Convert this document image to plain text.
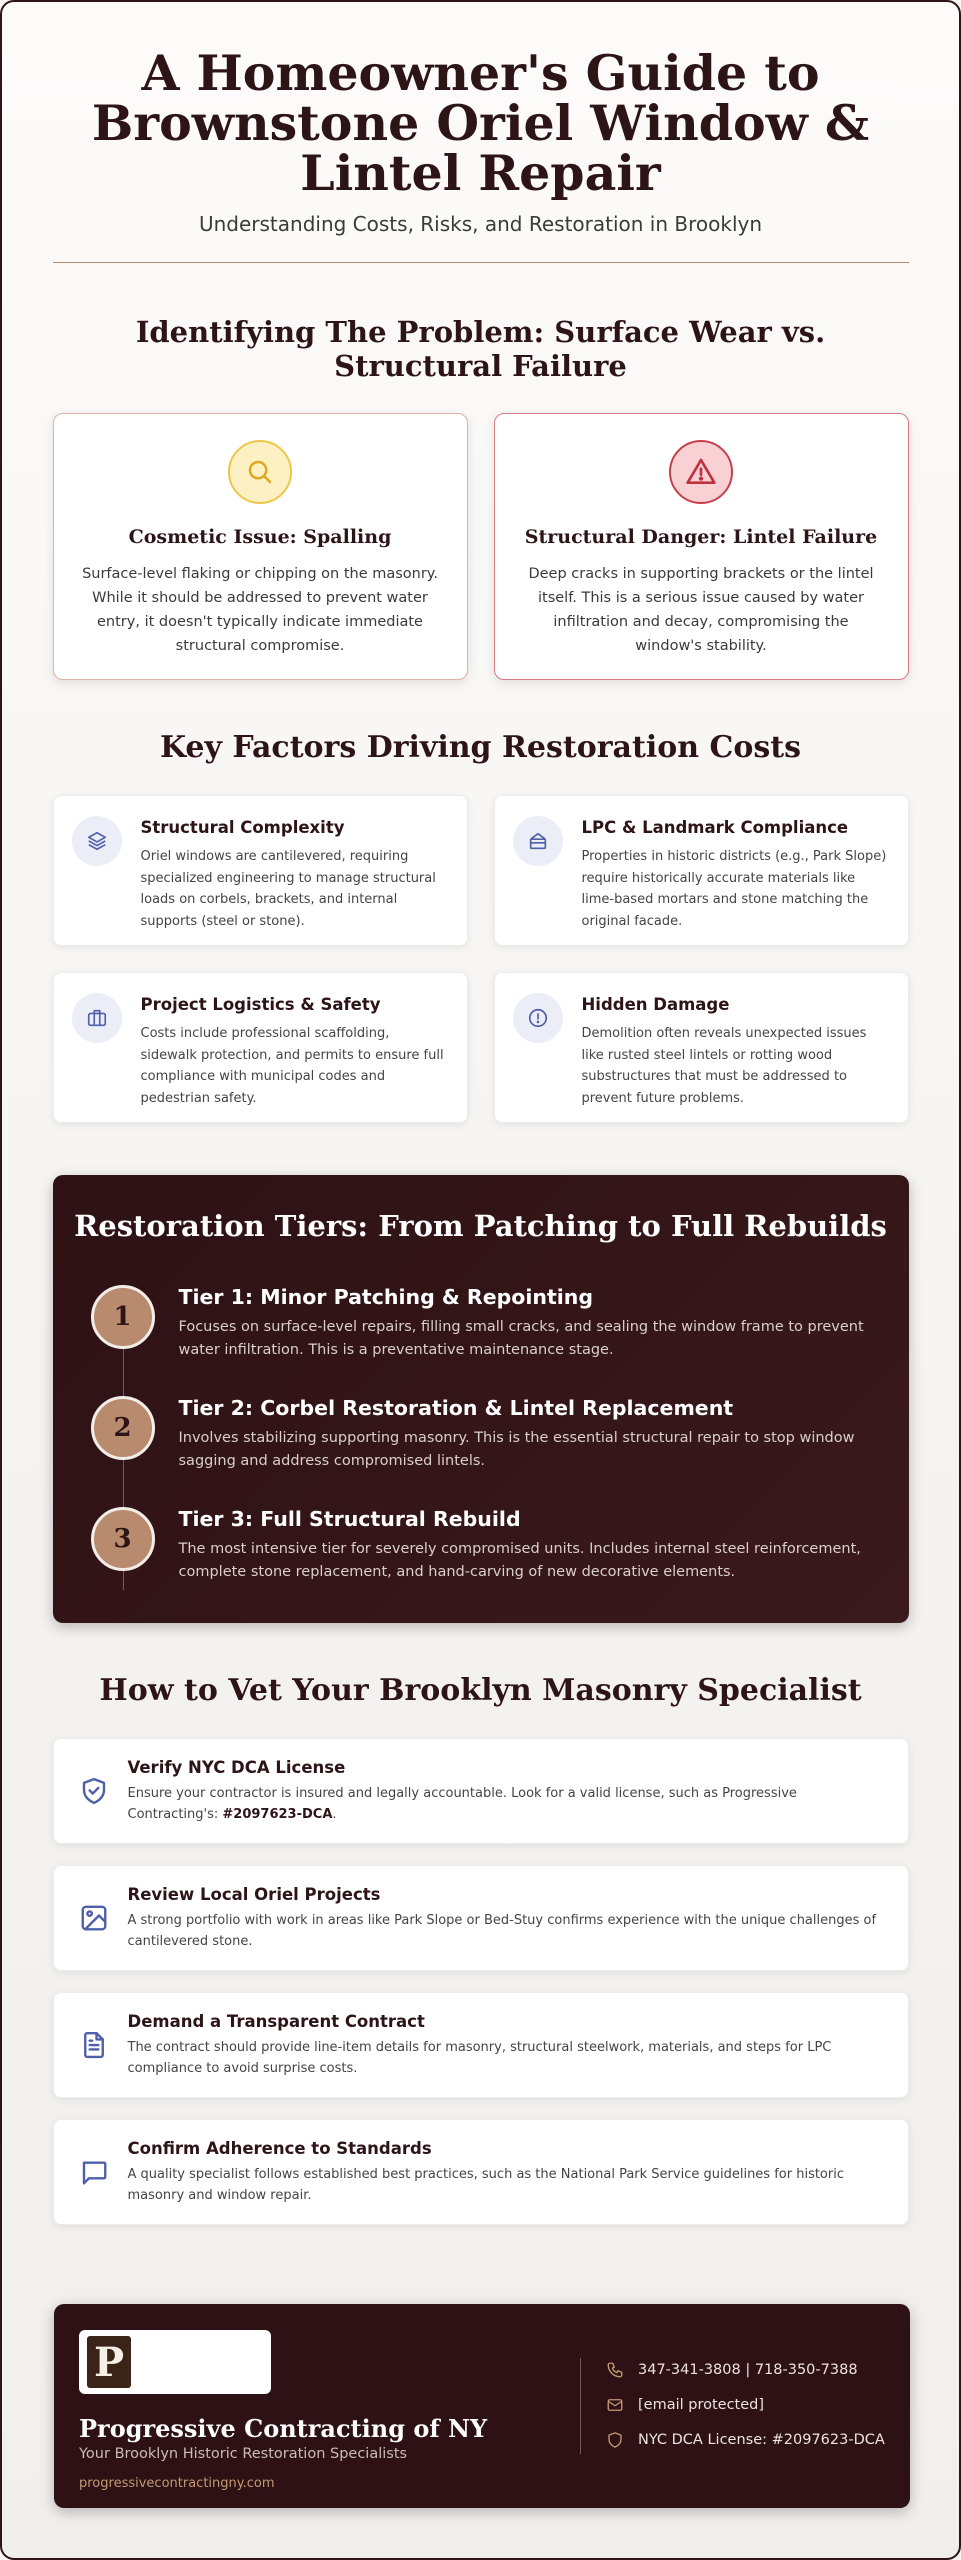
A Homeowner's Guide to Brownstone Oriel Window & Lintel Repair
Understanding Costs, Risks, and Restoration in Brooklyn
Identifying The Problem: Surface Wear vs. Structural Failure
Cosmetic Issue: Spalling

Surface-level flaking or chipping on the masonry. While it should be addressed to prevent water entry, it doesn't typically indicate immediate structural compromise.

Structural Danger: Lintel Failure

Deep cracks in supporting brackets or the lintel itself. This is a serious issue caused by water infiltration and decay, compromising the window's stability.

Key Factors Driving Restoration Costs
Structural Complexity

Oriel windows are cantilevered, requiring specialized engineering to manage structural loads on corbels, brackets, and internal supports (steel or stone).

LPC & Landmark Compliance

Properties in historic districts (e.g., Park Slope) require historically accurate materials like lime-based mortars and stone matching the original facade.

Project Logistics & Safety

Costs include professional scaffolding, sidewalk protection, and permits to ensure full compliance with municipal codes and pedestrian safety.

Hidden Damage

Demolition often reveals unexpected issues like rusted steel lintels or rotting wood substructures that must be addressed to prevent future problems.

Restoration Tiers: From Patching to Full Rebuilds
1
Tier 1: Minor Patching & Repointing

Focuses on surface-level repairs, filling small cracks, and sealing the window frame to prevent water infiltration. This is a preventative maintenance stage.

2
Tier 2: Corbel Restoration & Lintel Replacement

Involves stabilizing supporting masonry. This is the essential structural repair to stop window sagging and address compromised lintels.

3
Tier 3: Full Structural Rebuild

The most intensive tier for severely compromised units. Includes internal steel reinforcement, complete stone replacement, and hand-carving of new decorative elements.

How to Vet Your Brooklyn Masonry Specialist
Verify NYC DCA License

Ensure your contractor is insured and legally accountable. Look for a valid license, such as Progressive Contracting's: #2097623-DCA.

Review Local Oriel Projects

A strong portfolio with work in areas like Park Slope or Bed-Stuy confirms experience with the unique challenges of cantilevered stone.

Demand a Transparent Contract

The contract should provide line-item details for masonry, structural steelwork, materials, and steps for LPC compliance to avoid surprise costs.

Confirm Adherence to Standards

A quality specialist follows established best practices, such as the National Park Service guidelines for historic masonry and window repair.

P
Progressive Contracting of NY
Your Brooklyn Historic Restoration Specialists
progressivecontractingny.com
347-341-3808 | 718-350-7388
[email protected]
NYC DCA License: #2097623-DCA
